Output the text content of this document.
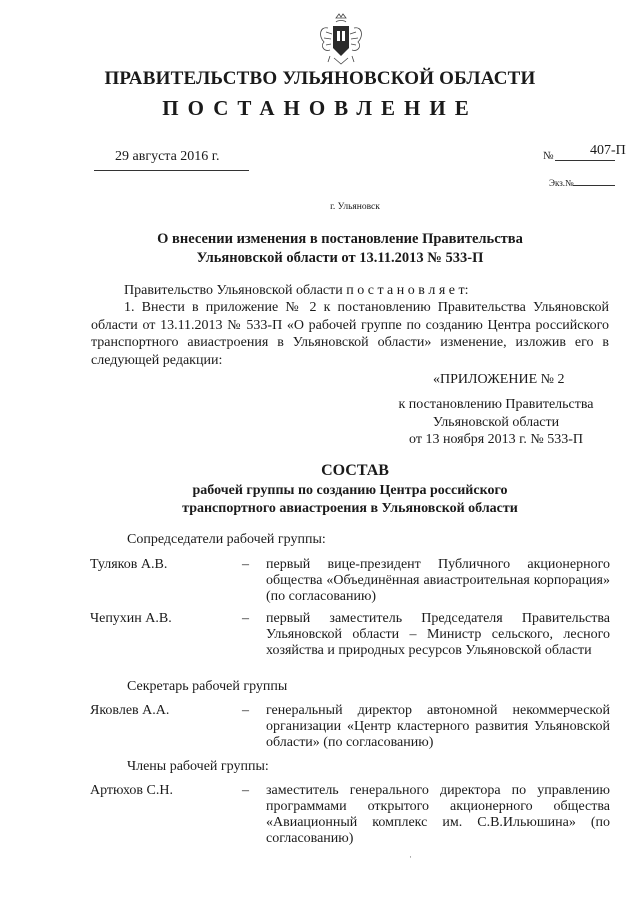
ПРАВИТЕЛЬСТВО УЛЬЯНОВСКОЙ ОБЛАСТИ
ПОСТАНОВЛЕНИЕ
29 августа 2016 г.	№	407-П
Экз.№
г. Ульяновск
О внесении изменения в постановление Правительства
Ульяновской области от 13.11.2013 № 533-П
Правительство Ульяновской области п о с т а н о в л я е т:
1. Внести в приложение № 2 к постановлению Правительства Ульяновской области от 13.11.2013 № 533-П «О рабочей группе по созданию Центра российского транспортного авиастроения в Ульяновской области» изменение, изложив его в следующей редакции:
«ПРИЛОЖЕНИЕ № 2
к постановлению Правительства
Ульяновской области
от 13 ноября 2013 г. № 533-П
СОСТАВ
рабочей группы по созданию Центра российского
транспортного авиастроения в Ульяновской области
Сопредседатели рабочей группы:
Туляков А.В.	– первый вице-президент Публичного акционерного общества «Объединённая авиастроительная корпорация» (по согласованию)
Чепухин А.В.	– первый заместитель Председателя Правительства Ульяновской области – Министр сельского, лесного хозяйства и природных ресурсов Ульяновской области
Секретарь рабочей группы
Яковлев А.А.	– генеральный директор автономной некоммерческой организации «Центр кластерного развития Ульяновской области» (по согласованию)
Члены рабочей группы:
Артюхов С.Н.	– заместитель генерального директора по управлению программами открытого акционерного общества «Авиационный комплекс им. С.В.Ильюшина» (по согласованию)
·
